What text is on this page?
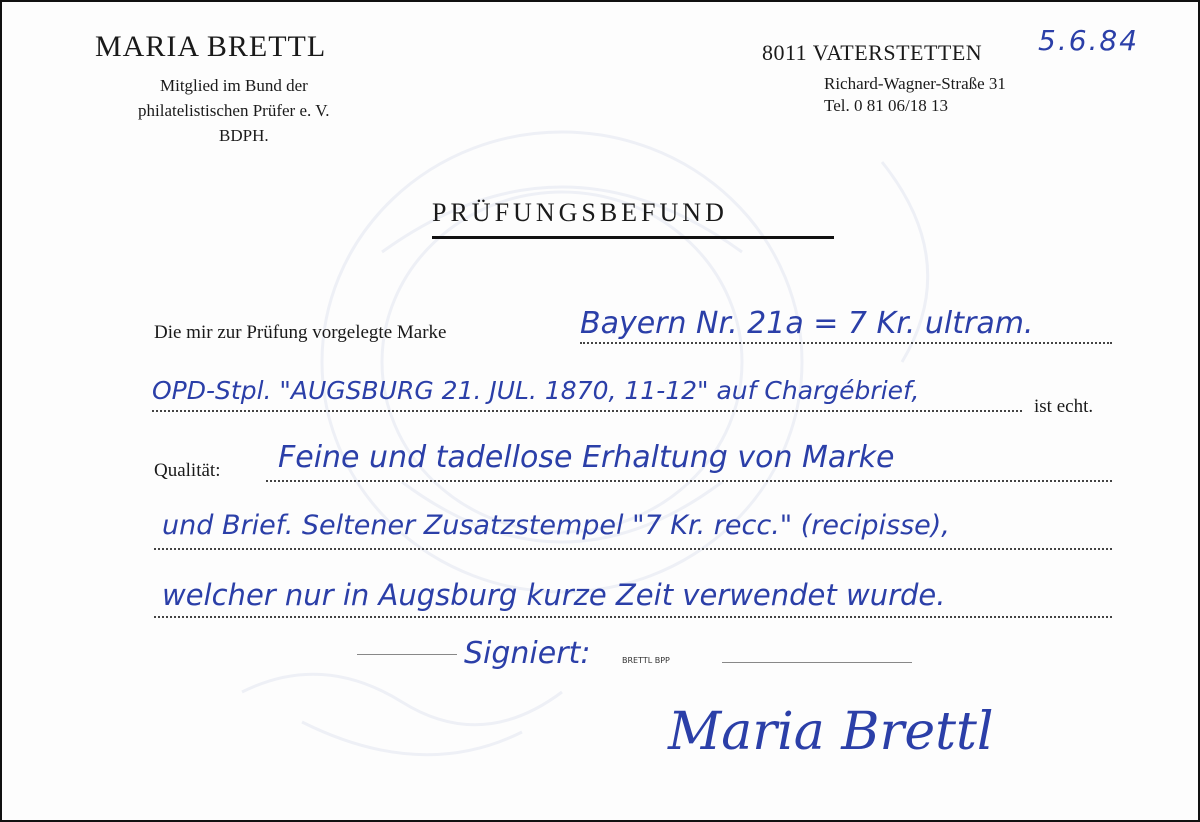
MARIA BRETTL
Mitglied im Bund der
philatelistischen Prüfer e. V.
BDPH.
8011 VATERSTETTEN
Richard-Wagner-Straße 31
Tel. 0 81 06/18 13
5.6.84
PRÜFUNGSBEFUND
Die mir zur Prüfung vorgelegte Marke	Bayern Nr. 21a = 7 Kr. ultram.
OPD-Stpl. "AUGSBURG 21. JUL. 1870, 11-12" auf Chargébrief,
ist echt.
Qualität: Feine und tadellose Erhaltung von Marke
und Brief. Seltener Zusatzstempel "7 Kr. recc." (recipisse),
welcher nur in Augsburg kurze Zeit verwendet wurde.
Signiert:	BRETTL BPP
Maria Brettl
